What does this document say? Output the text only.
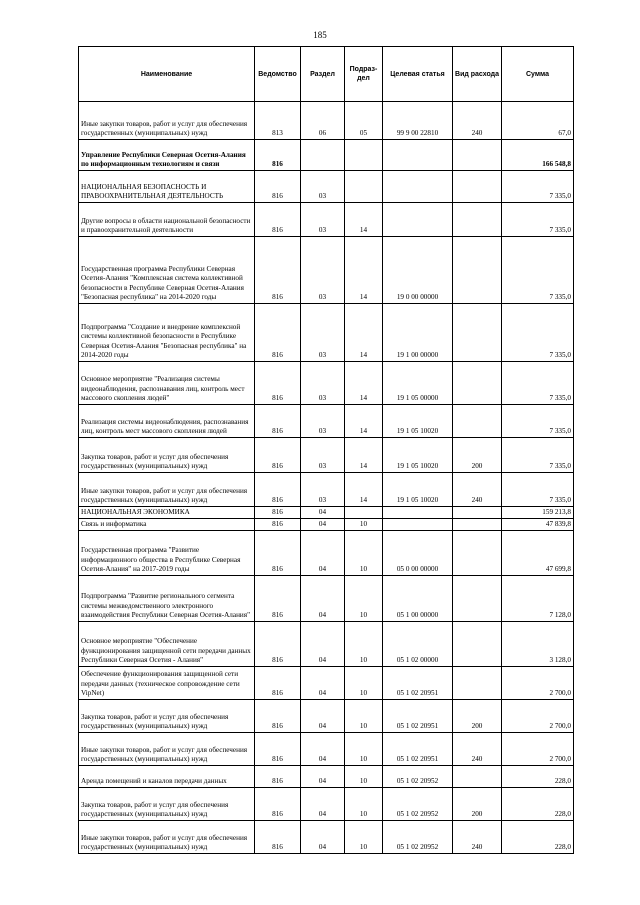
185
Наименование	Ведомство	Раздел	Подраз-дел	Целевая статья	Вид расхода	Сумма
Иные закупки товаров, работ и услуг для обеспечения государственных (муниципальных) нужд	813	06	05	99 9 00 22810	240	67,0
Управление Республики Северная Осетия-Алания по информационным технологиям и связи	816					166 548,8
НАЦИОНАЛЬНАЯ БЕЗОПАСНОСТЬ И ПРАВООХРАНИТЕЛЬНАЯ ДЕЯТЕЛЬНОСТЬ	816	03				7 335,0
Другие вопросы в области национальной безопасности и правоохранительной деятельности	816	03	14			7 335,0
Государственная программа Республики Северная Осетия-Алания "Комплексная система коллективной безопасности в Республике Северная Осетия-Алания "Безопасная республика" на 2014-2020 годы	816	03	14	19 0 00 00000		7 335,0
Подпрограмма "Создание и внедрение комплексной системы коллективной безопасности в Республике Северная Осетия-Алания "Безопасная республика" на 2014-2020 годы	816	03	14	19 1 00 00000		7 335,0
Основное мероприятие "Реализация системы видеонаблюдения, распознавания лиц, контроль мест массового скопления людей"	816	03	14	19 1 05 00000		7 335,0
Реализация системы видеонаблюдения, распознавания лиц, контроль мест массового скопления людей	816	03	14	19 1 05 10020		7 335,0
Закупка товаров, работ и услуг для обеспечения государственных (муниципальных) нужд	816	03	14	19 1 05 10020	200	7 335,0
Иные закупки товаров, работ и услуг для обеспечения государственных (муниципальных) нужд	816	03	14	19 1 05 10020	240	7 335,0
НАЦИОНАЛЬНАЯ ЭКОНОМИКА	816	04				159 213,8
Связь и информатика	816	04	10			47 839,8
Государственная программа "Развитие информационного общества в Республике Северная Осетия-Алания" на 2017-2019 годы	816	04	10	05 0 00 00000		47 699,8
Подпрограмма "Развитие регионального сегмента системы межведомственного электронного взаимодействия Республики Северная Осетия-Алания"	816	04	10	05 1 00 00000		7 128,0
Основное мероприятие "Обеспечение функционирования защищенной сети передачи данных Республики Северная Осетия - Алания"	816	04	10	05 1 02 00000		3 128,0
Обеспечение функционирования защищенной сети передачи данных (техническое сопровождение сети VipNet)	816	04	10	05 1 02 20951		2 700,0
Закупка товаров, работ и услуг для обеспечения государственных (муниципальных) нужд	816	04	10	05 1 02 20951	200	2 700,0
Иные закупки товаров, работ и услуг для обеспечения государственных (муниципальных) нужд	816	04	10	05 1 02 20951	240	2 700,0
Аренда помещений и каналов передачи данных	816	04	10	05 1 02 20952		228,0
Закупка товаров, работ и услуг для обеспечения государственных (муниципальных) нужд	816	04	10	05 1 02 20952	200	228,0
Иные закупки товаров, работ и услуг для обеспечения государственных (муниципальных) нужд	816	04	10	05 1 02 20952	240	228,0
